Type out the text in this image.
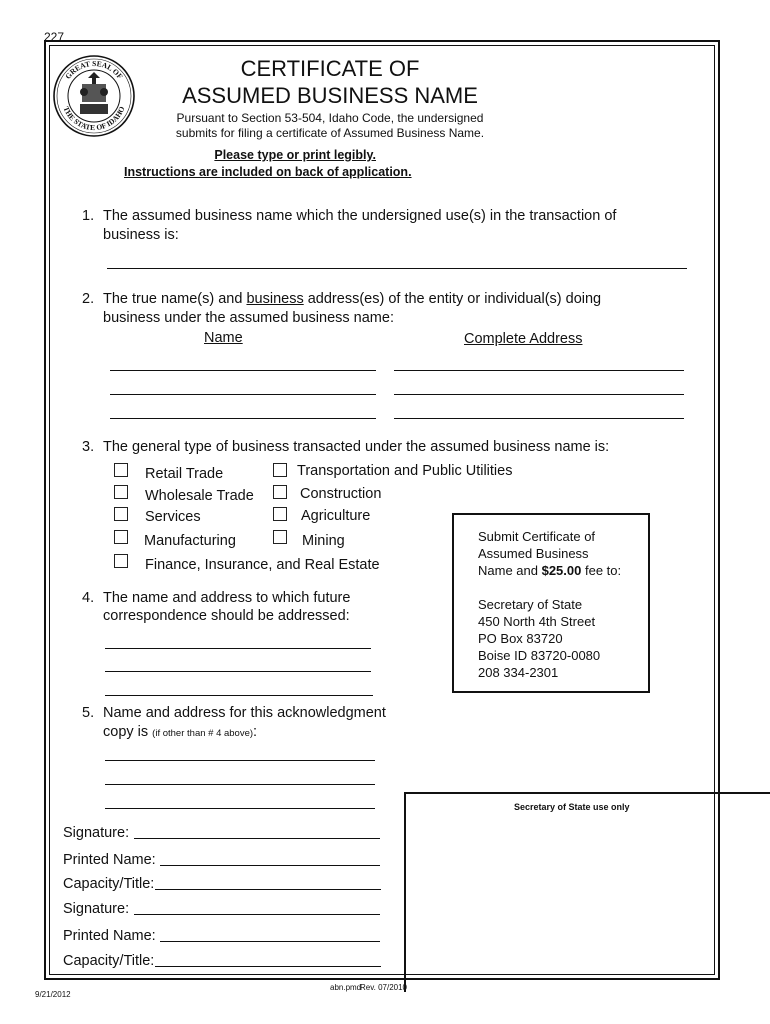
227
GREAT SEAL OF
THE STATE OF IDAHO
CERTIFICATE OF
ASSUMED BUSINESS NAME
Pursuant to Section 53-504, Idaho Code, the undersigned
submits for filing a certificate of Assumed Business Name.
Please type or print legibly.
Instructions are included on back of application.
1. The assumed business name which the undersigned use(s) in the transaction of
business is:
2. The true name(s) and business address(es) of the entity or individual(s) doing
business under the assumed business name:
Name	Complete Address
3. The general type of business transacted under the assumed business name is:
Retail Trade
Wholesale Trade
Services
Manufacturing
Finance, Insurance, and Real Estate
Transportation and Public Utilities
Construction
Agriculture
Mining	Submit Certificate of
Assumed Business
Name and $25.00 fee to:
Secretary of State
450 North 4th Street
PO Box 83720
Boise ID 83720-0080
208 334-2301
4. The name and address to which future
correspondence should be addressed:
5. Name and address for this acknowledgment
copy is (if other than # 4 above):
Secretary of State use only
Signature:
Printed Name:
Capacity/Title:
Signature:
Printed Name:
Capacity/Title:
9/21/2012
abn.pmd
Rev. 07/2010
